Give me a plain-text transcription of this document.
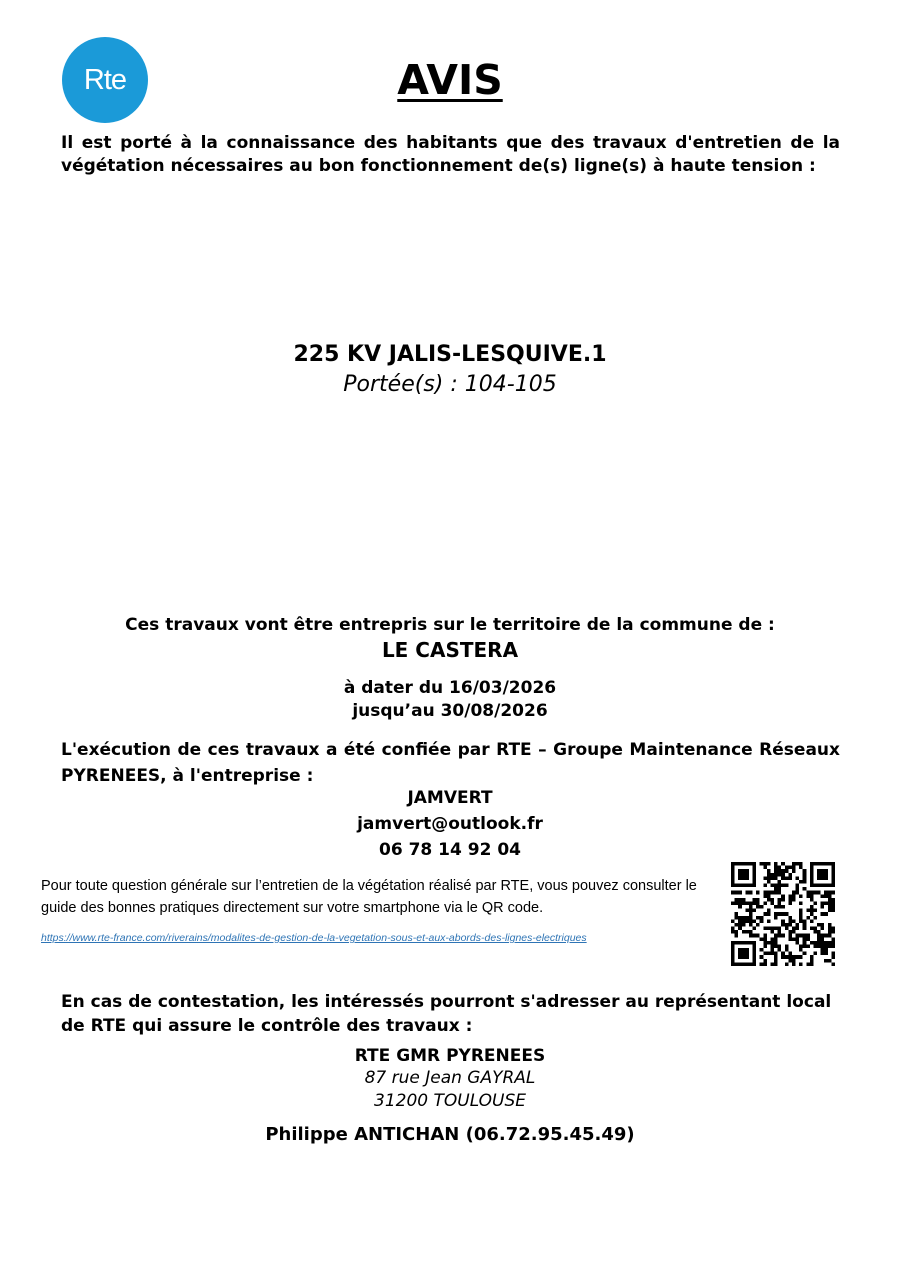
Rte	AVIS
Il est porté à la connaissance des habitants que des travaux d'entretien de la végétation nécessaires au bon fonctionnement de(s) ligne(s) à haute tension :
225 KV JALIS-LESQUIVE.1
Portée(s) : 104-105
Ces travaux vont être entrepris sur le territoire de la commune de :
LE CASTERA
à dater du 16/03/2026
jusqu’au 30/08/2026
L'exécution de ces travaux a été confiée par RTE – Groupe Maintenance Réseaux PYRENEES, à l'entreprise :
JAMVERT
jamvert@outlook.fr
06 78 14 92 04
Pour toute question générale sur l’entretien de la végétation réalisé par RTE, vous pouvez consulter le guide des bonnes pratiques directement sur votre smartphone via le QR code.
https://www.rte-france.com/riverains/modalites-de-gestion-de-la-vegetation-sous-et-aux-abords-des-lignes-electriques
En cas de contestation, les intéressés pourront s'adresser au représentant local de RTE qui assure le contrôle des travaux :
RTE GMR PYRENEES
87 rue Jean GAYRAL
31200 TOULOUSE
Philippe ANTICHAN (06.72.95.45.49)
